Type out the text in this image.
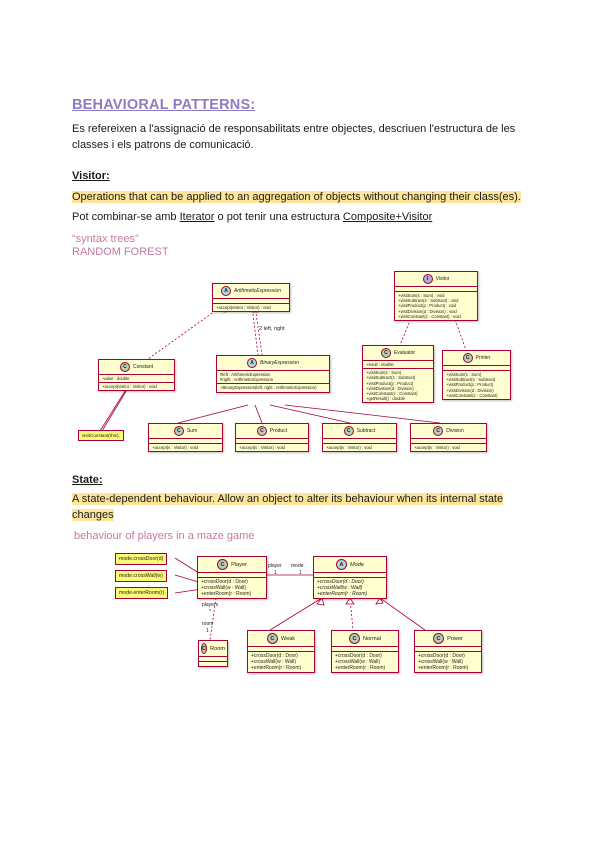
BEHAVIORAL PATTERNS:
Es refereixen a l'assignació de responsabilitats entre objectes, descriuen l'estructura de les classes i els patrons de comunicació.
Visitor:
Operations that can be applied to an aggregation of objects without changing their class(es).
Pot combinar-se amb Iterator o pot tenir una estructura Composite+Visitor
“syntax trees”
RANDOM FOREST
A	ArithmeticExpression
+accept(visitor : Visitor) : void
2 left, right
A	BinaryExpression
#left : ArithmeticExpression
#right : ArithmeticExpression
+BinaryExpression(left, right : ArithmeticExpression)
C	Constant
-value : double
+accept(visitor : Visitor) : void
visitConstant(this);
C	Sum
+accept(v : Visitor) : void
C	Product
+accept(v : Visitor) : void
C	Subtract
+accept(v : Visitor) : void
C	Division
+accept(v : Visitor) : void
I	Visitor
+visitSum(s : Sum) : void
+visitSubtract(s : Subtract) : void
+visitProduct(p : Product) : void
+visitDivision(d : Division) : void
+visitConstant(c : Constant) : void
C	Evaluator
-result : double
+visitSum(s : Sum)
+visitSubtract(s : Subtract)
+visitProduct(p : Product)
+visitDivision(d : Division)
+visitConstant(c : Constant)
+getResult() : double
C	Printer
+visitSum(s : Sum)
+visitSubtract(s : Subtract)
+visitProduct(p : Product)
+visitDivision(d : Division)
+visitConstant(c : Constant)
State:
A state-dependent behaviour. Allow an object to alter its behaviour when its internal state changes
behaviour of players in a maze game
mode.crossDoor(d)
mode.crossWall(w)
mode.enterRoom(r)
C	Player
+crossDoor(d : Door)
+crossWall(w : Wall)
+enterRoom(r : Room)
player
1
mode
1
players
*
room
1
C Room
A	Mode
+crossDoor(d : Door)
+crossWall(w : Wall)
+enterRoom(r : Room)
C	Weak
+crossDoor(d : Door)
+crossWall(w : Wall)
+enterRoom(r : Room)
C	Normal
+crossDoor(d : Door)
+crossWall(w : Wall)
+enterRoom(r : Room)
C	Power
+crossDoor(d : Door)
+crossWall(w : Wall)
+enterRoom(r : Room)
